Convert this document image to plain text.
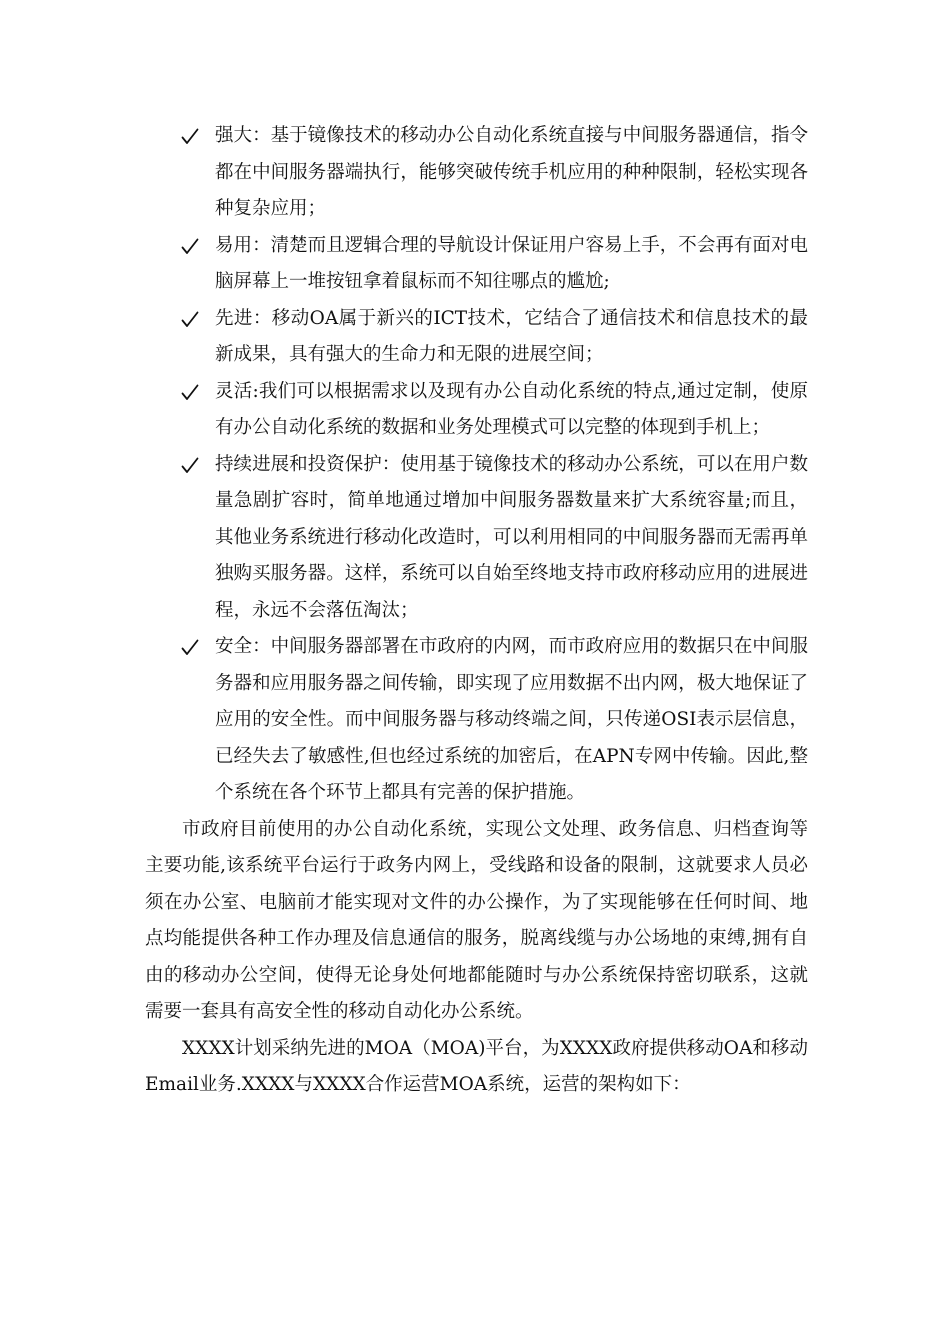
强大：基于镜像技术的移动办公自动化系统直接与中间服务器通信，指令都在中间服务器端执行，能够突破传统手机应用的种种限制，轻松实现各种复杂应用；
易用：清楚而且逻辑合理的导航设计保证用户容易上手，不会再有面对电脑屏幕上一堆按钮拿着鼠标而不知往哪点的尴尬;
先进：移动OA属于新兴的ICT技术，它结合了通信技术和信息技术的最新成果，具有强大的生命力和无限的进展空间；
灵活:我们可以根据需求以及现有办公自动化系统的特点,通过定制，使原有办公自动化系统的数据和业务处理模式可以完整的体现到手机上；
持续进展和投资保护：使用基于镜像技术的移动办公系统，可以在用户数量急剧扩容时，简单地通过增加中间服务器数量来扩大系统容量;而且，其他业务系统进行移动化改造时，可以利用相同的中间服务器而无需再单独购买服务器。这样，系统可以自始至终地支持市政府移动应用的进展进程，永远不会落伍淘汰；
安全：中间服务器部署在市政府的内网，而市政府应用的数据只在中间服务器和应用服务器之间传输，即实现了应用数据不出内网，极大地保证了应用的安全性。而中间服务器与移动终端之间，只传递OSI表示层信息，已经失去了敏感性,但也经过系统的加密后，在APN专网中传输。因此,整个系统在各个环节上都具有完善的保护措施。

市政府目前使用的办公自动化系统，实现公文处理、政务信息、归档查询等主要功能,该系统平台运行于政务内网上，受线路和设备的限制，这就要求人员必须在办公室、电脑前才能实现对文件的办公操作，为了实现能够在任何时间、地点均能提供各种工作办理及信息通信的服务，脱离线缆与办公场地的束缚,拥有自由的移动办公空间，使得无论身处何地都能随时与办公系统保持密切联系，这就需要一套具有高安全性的移动自动化办公系统。

XXXX计划采纳先进的MOA（MOA)平台，为XXXX政府提供移动OA和移动Email业务.XXXX与XXXX合作运营MOA系统，运营的架构如下：
